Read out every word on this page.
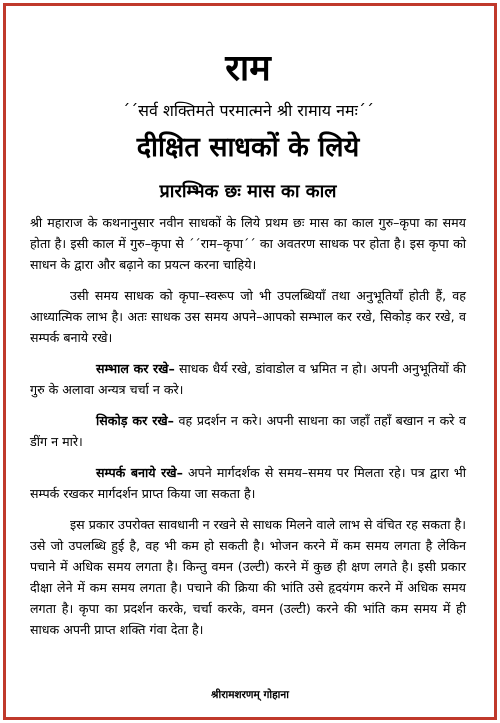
राम
´´सर्व शक्तिमते परमात्मने श्री रामाय नमः´´
दीक्षित साधकों के लिये
प्रारम्भिक छः मास का काल

श्री महाराज के कथनानुसार नवीन साधकों के लिये प्रथम छः मास का काल गुरु–कृपा का समय होता है। इसी काल में गुरु–कृपा से ´´राम–कृपा´´ का अवतरण साधक पर होता है। इस कृपा को साधन के द्वारा और बढ़ाने का प्रयत्न करना चाहिये।

उसी समय साधक को कृपा–स्वरूप जो भी उपलब्धियाँ तथा अनुभूतियाँ होती हैं, वह आध्यात्मिक लाभ है। अतः साधक उस समय अपने–आपको सम्भाल कर रखे, सिकोड़ कर रखे, व सम्पर्क बनाये रखे।

सम्भाल कर रखे– साधक धैर्य रखे, डांवाडोल व भ्रमित न हो। अपनी अनुभूतियों की गुरु के अलावा अन्यत्र चर्चा न करे।

सिकोड़ कर रखे– वह प्रदर्शन न करे। अपनी साधना का जहाँ तहाँ बखान न करे व डींग न मारे।

सम्पर्क बनाये रखे– अपने मार्गदर्शक से समय–समय पर मिलता रहे। पत्र द्वारा भी सम्पर्क रखकर मार्गदर्शन प्राप्त किया जा सकता है।

इस प्रकार उपरोक्त सावधानी न रखने से साधक मिलने वाले लाभ से वंचित रह सकता है। उसे जो उपलब्धि हुई है, वह भी कम हो सकती है। भोजन करने में कम समय लगता है लेकिन पचाने में अधिक समय लगता है। किन्तु वमन (उल्टी) करने में कुछ ही क्षण लगते है। इसी प्रकार दीक्षा लेने में कम समय लगता है। पचाने की क्रिया की भांति उसे हृदयंगम करने में अधिक समय लगता है। कृपा का प्रदर्शन करके, चर्चा करके, वमन (उल्टी) करने की भांति कम समय में ही साधक अपनी प्राप्त शक्ति गंवा देता है।

श्रीरामशरणम् गोहाना
